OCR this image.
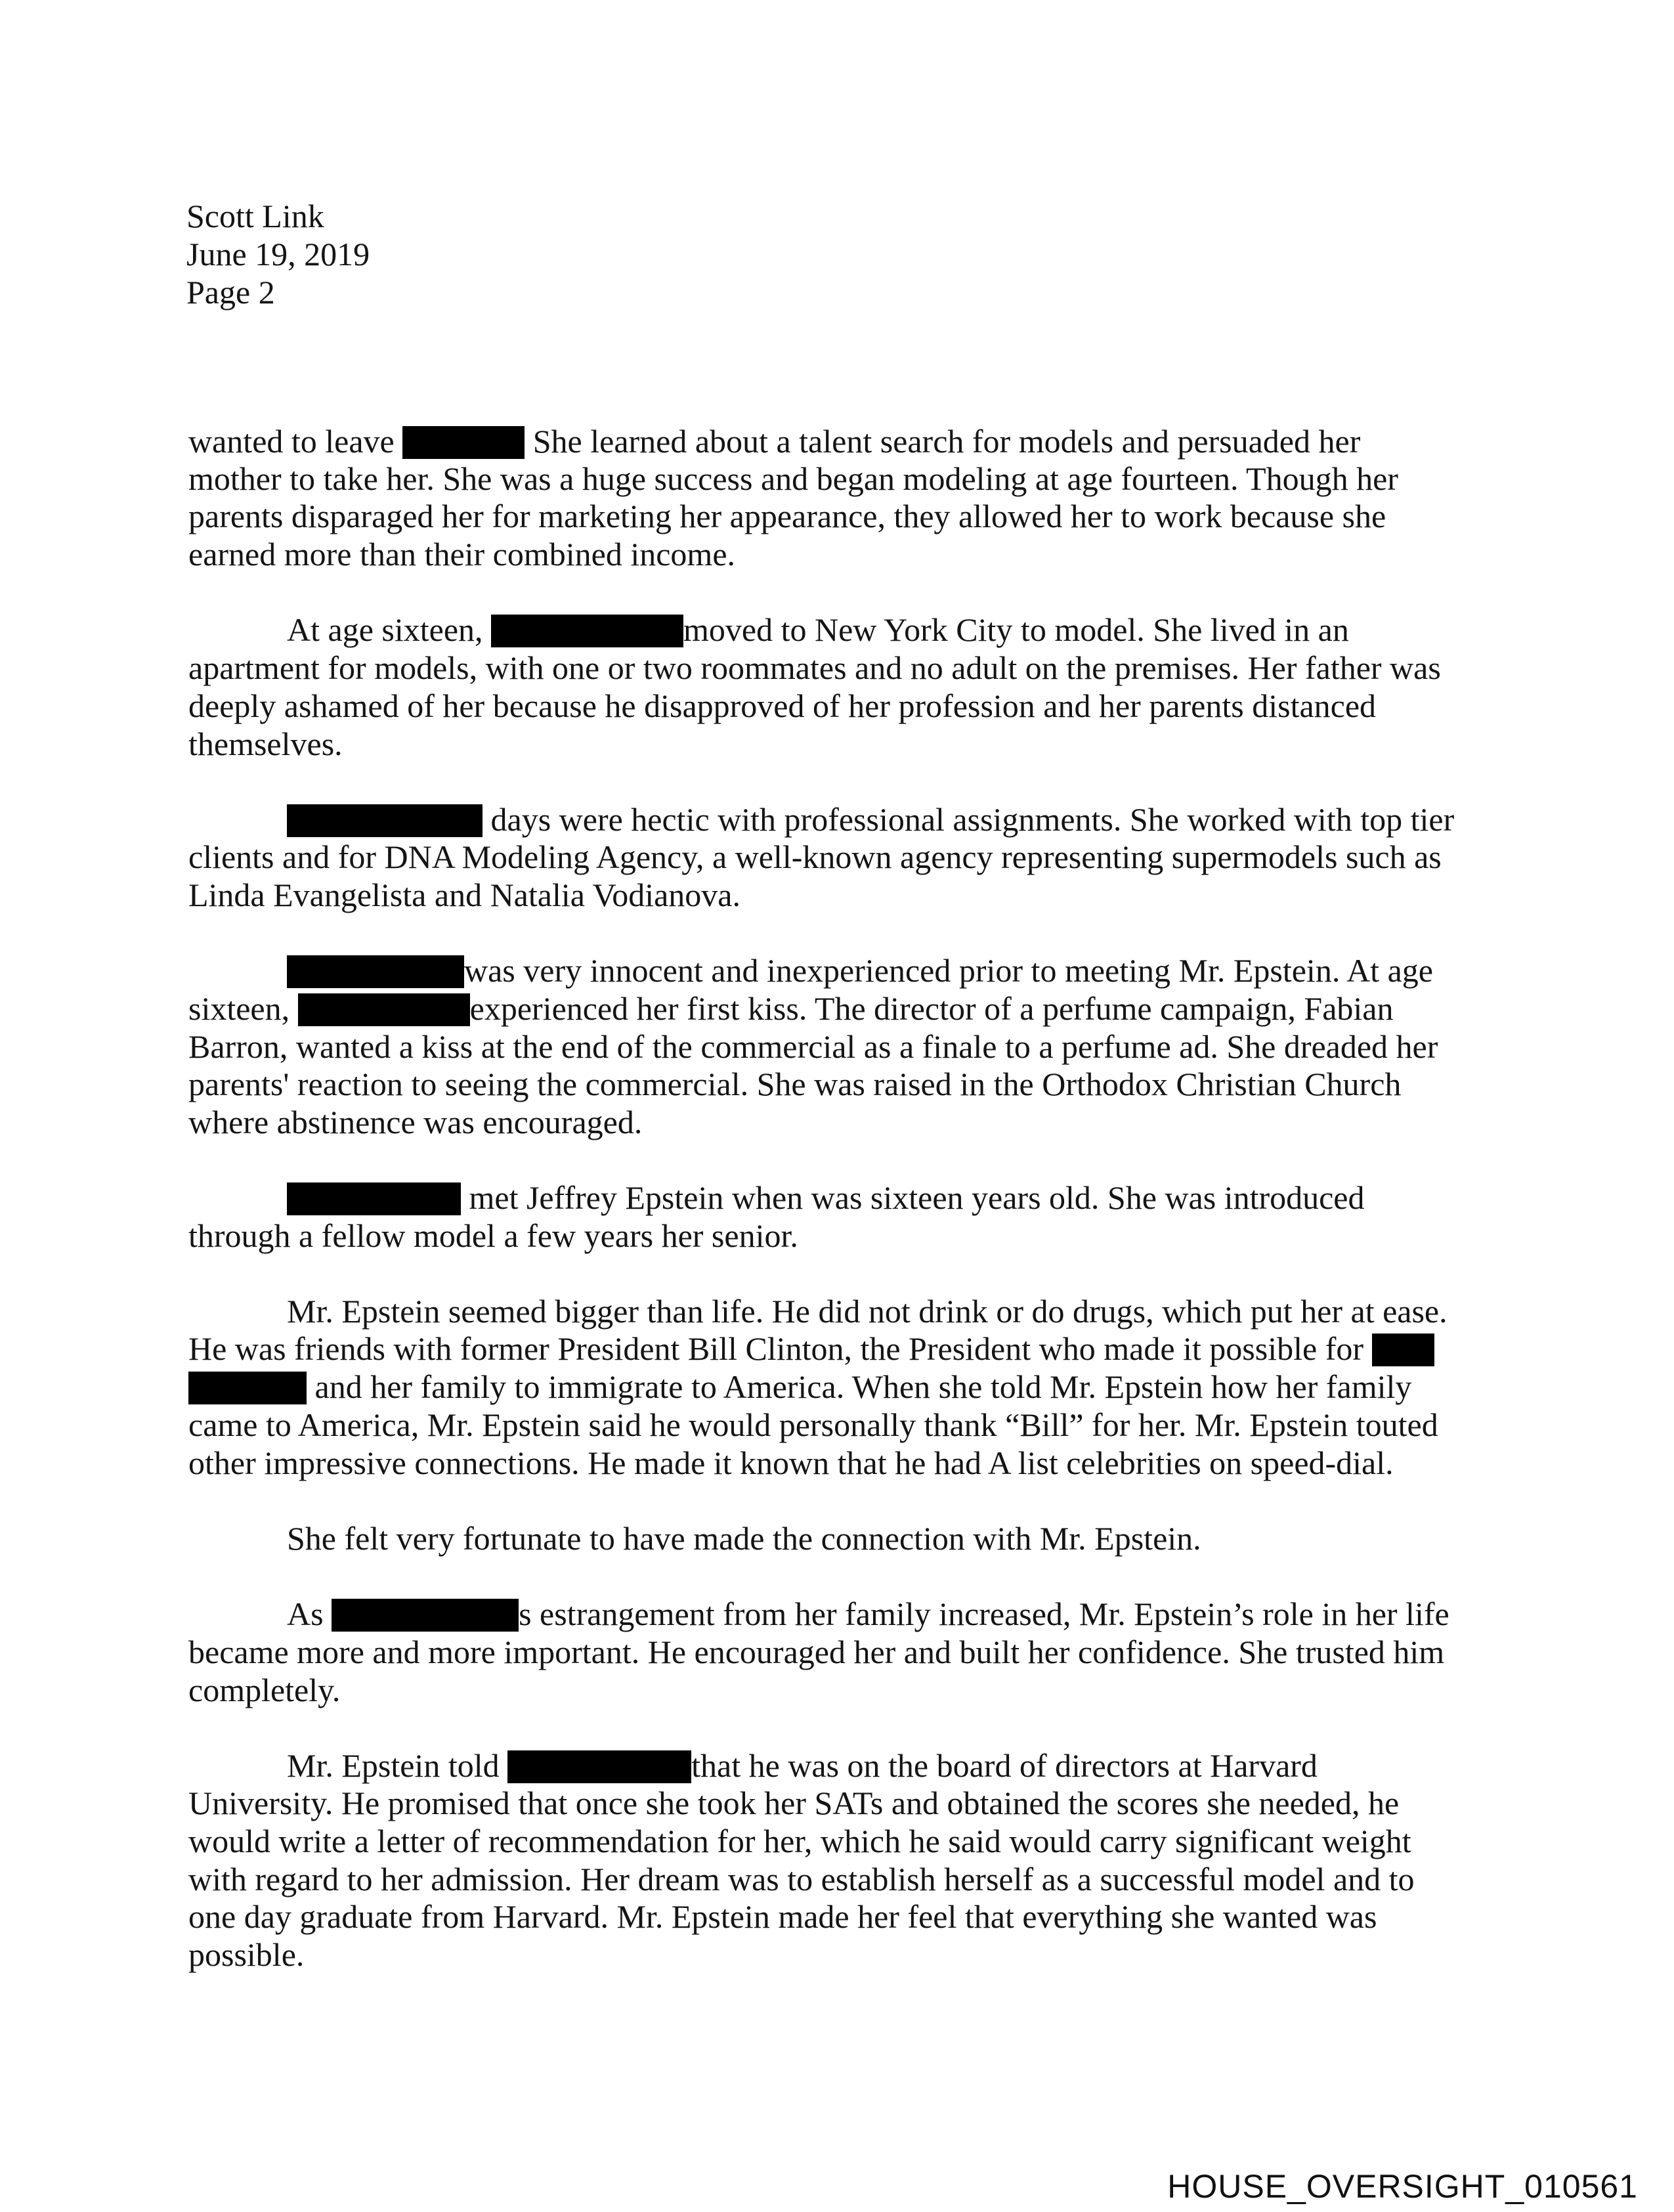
Scott Link
June 19, 2019
Page 2
wanted to leave	She learned about a talent search for models and persuaded her
mother to take her. She was a huge success and began modeling at age fourteen. Though her
parents disparaged her for marketing her appearance, they allowed her to work because she
earned more than their combined income.
At age sixteen,	moved to New York City to model. She lived in an
apartment for models, with one or two roommates and no adult on the premises. Her father was
deeply ashamed of her because he disapproved of her profession and her parents distanced
themselves.
days were hectic with professional assignments. She worked with top tier
clients and for DNA Modeling Agency, a well-known agency representing supermodels such as
Linda Evangelista and Natalia Vodianova.
was very innocent and inexperienced prior to meeting Mr. Epstein. At age
sixteen,	experienced her first kiss. The director of a perfume campaign, Fabian
Barron, wanted a kiss at the end of the commercial as a finale to a perfume ad. She dreaded her
parents' reaction to seeing the commercial. She was raised in the Orthodox Christian Church
where abstinence was encouraged.
met Jeffrey Epstein when was sixteen years old. She was introduced
through a fellow model a few years her senior.
Mr. Epstein seemed bigger than life. He did not drink or do drugs, which put her at ease.
He was friends with former President Bill Clinton, the President who made it possible for
and her family to immigrate to America. When she told Mr. Epstein how her family
came to America, Mr. Epstein said he would personally thank “Bill” for her. Mr. Epstein touted
other impressive connections. He made it known that he had A list celebrities on speed-dial.
She felt very fortunate to have made the connection with Mr. Epstein.
As	s estrangement from her family increased, Mr. Epstein’s role in her life
became more and more important. He encouraged her and built her confidence. She trusted him
completely.
Mr. Epstein told	that he was on the board of directors at Harvard
University. He promised that once she took her SATs and obtained the scores she needed, he
would write a letter of recommendation for her, which he said would carry significant weight
with regard to her admission. Her dream was to establish herself as a successful model and to
one day graduate from Harvard. Mr. Epstein made her feel that everything she wanted was
possible.
HOUSE_OVERSIGHT_010561
